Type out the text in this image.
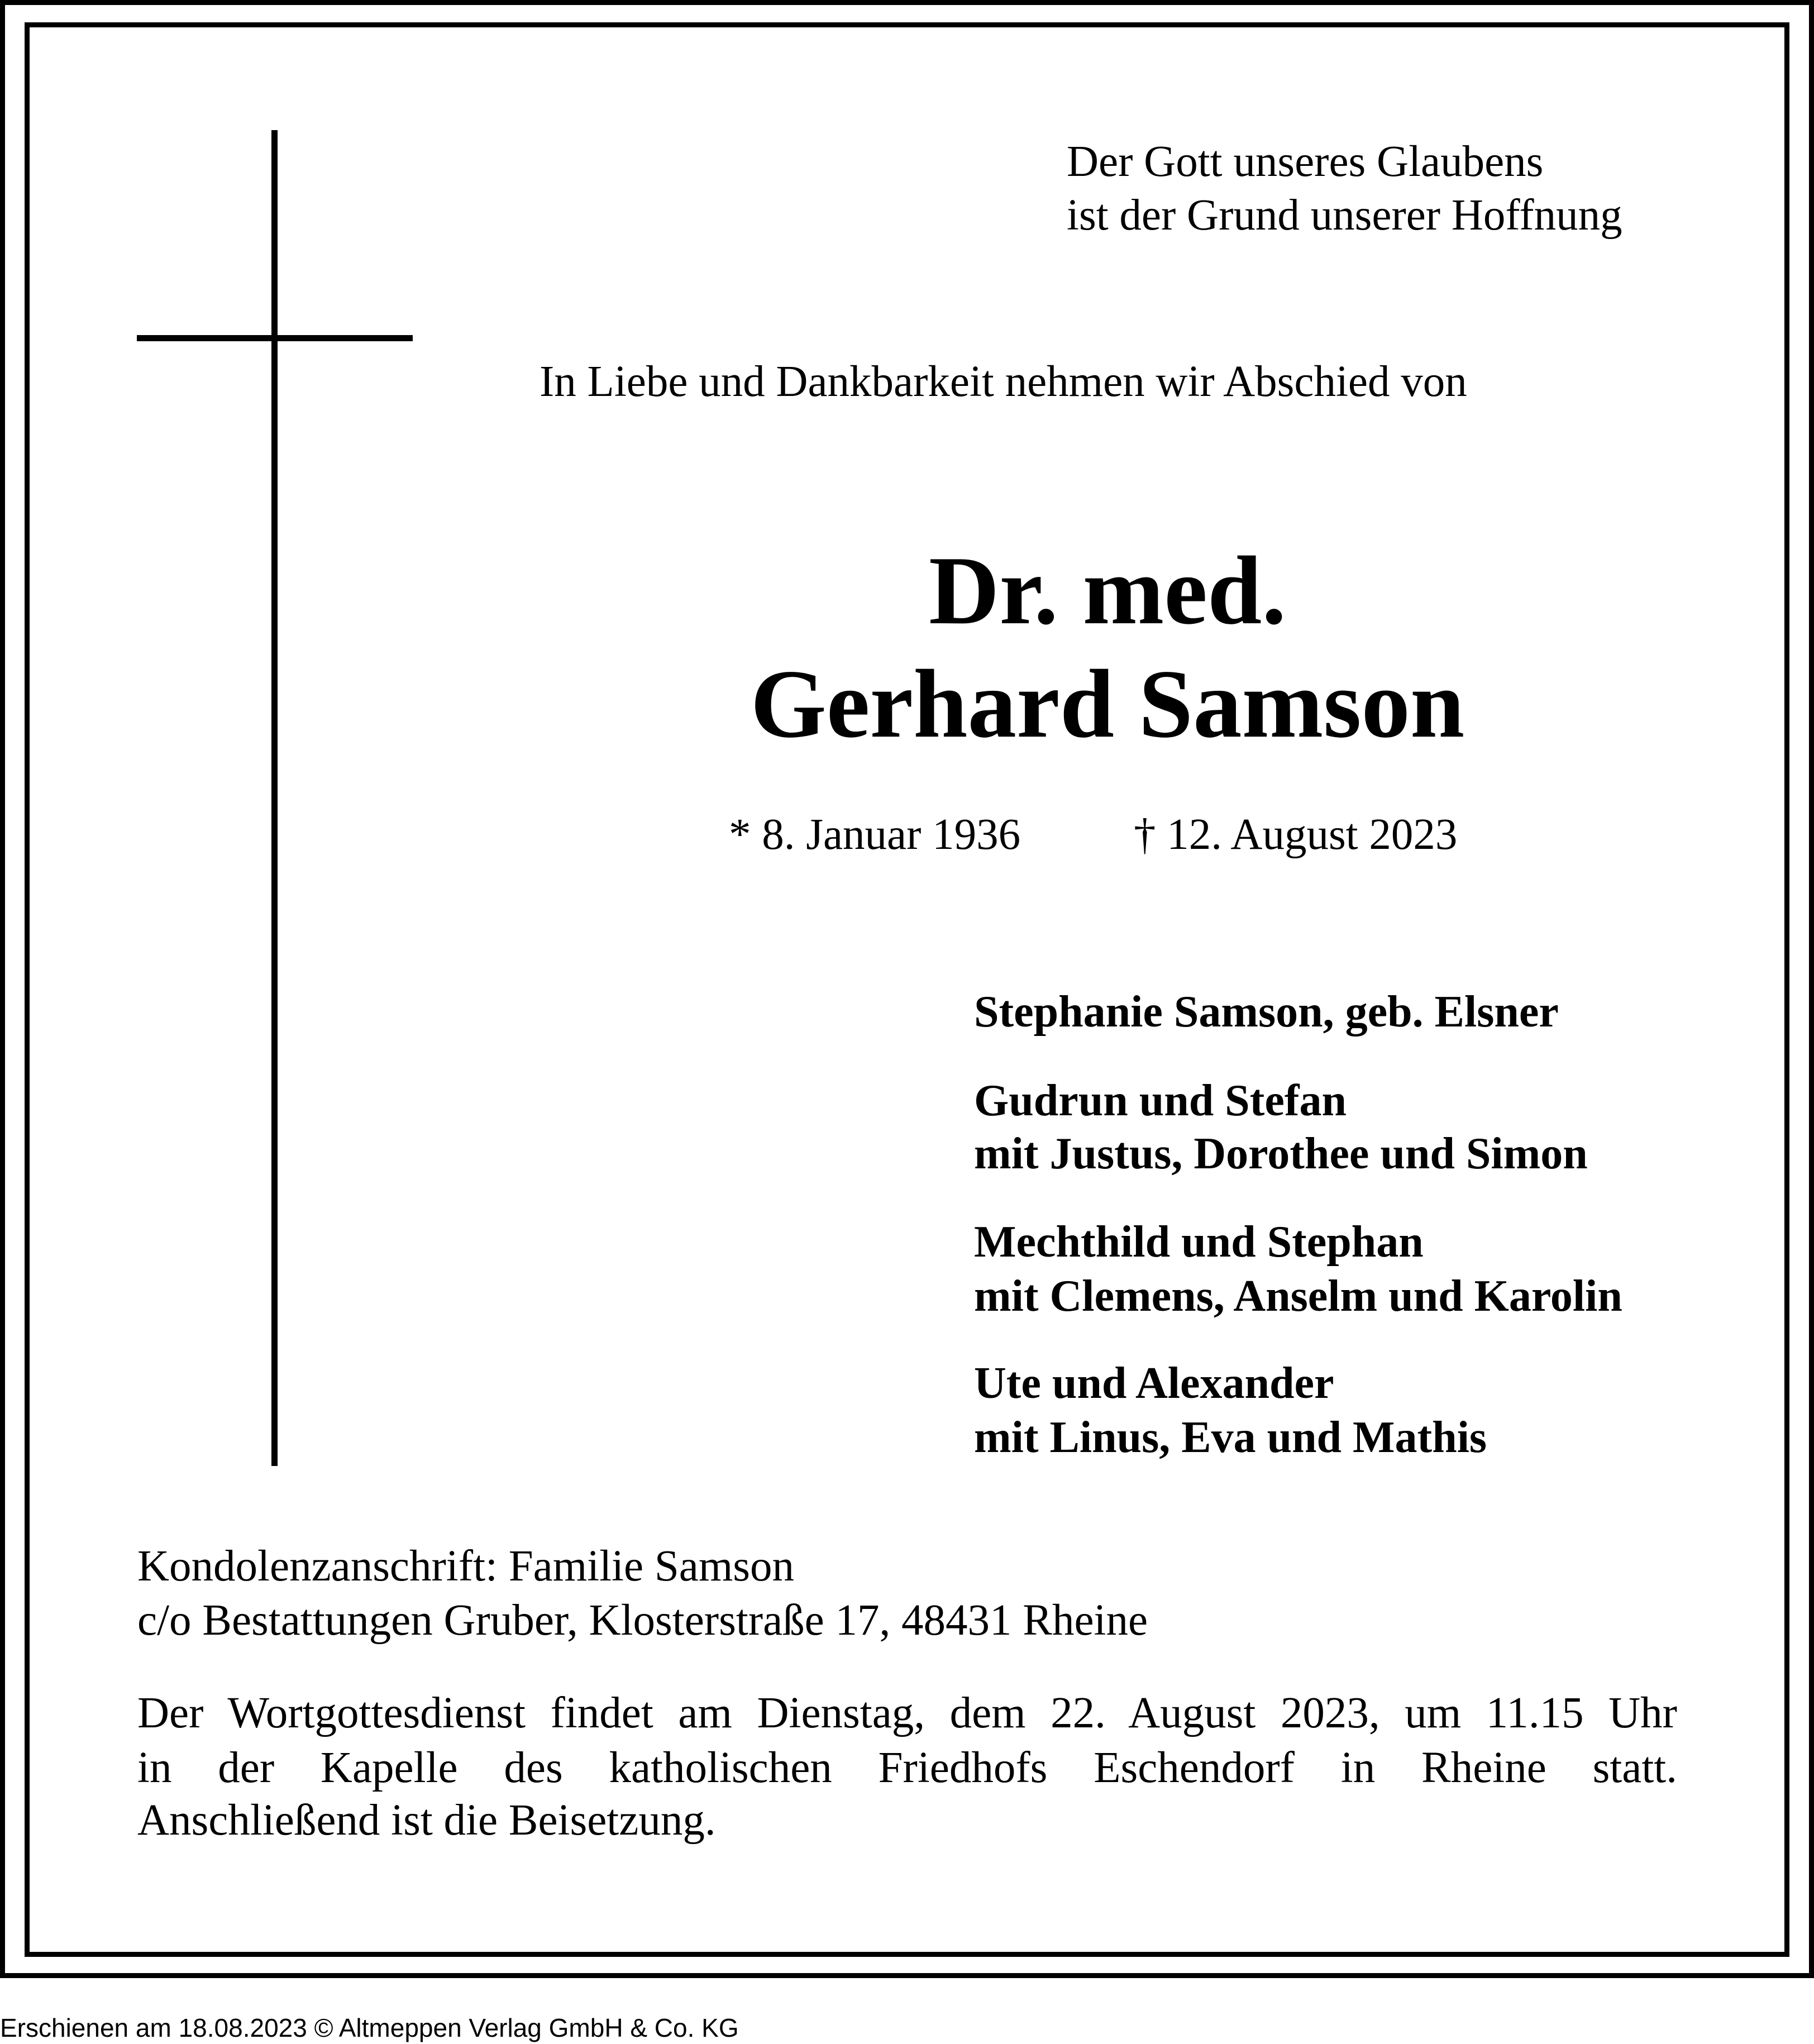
Der Gott unseres Glaubens
ist der Grund unserer Hoffnung
In Liebe und Dankbarkeit nehmen wir Abschied von
Dr. med.
Gerhard Samson
* 8. Januar 1936	† 12. August 2023
Stephanie Samson, geb. Elsner
Gudrun und Stefan
mit Justus, Dorothee und Simon
Mechthild und Stephan
mit Clemens, Anselm und Karolin
Ute und Alexander
mit Linus, Eva und Mathis
Kondolenzanschrift: Familie Samson
c/o Bestattungen Gruber, Klosterstraße 17, 48431 Rheine
Der Wortgottesdienst findet am Dienstag, dem 22. August 2023, um 11.15 Uhr
in der Kapelle des katholischen Friedhofs Eschendorf in Rheine statt.
Anschließend ist die Beisetzung.
Erschienen am 18.08.2023 © Altmeppen Verlag GmbH & Co. KG
